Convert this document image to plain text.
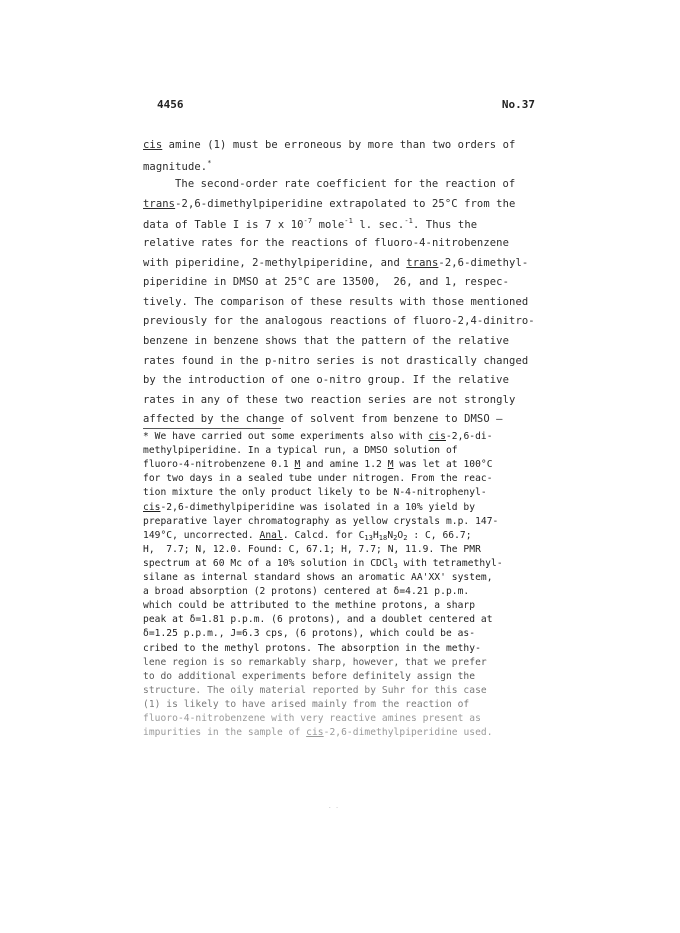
4456	No.37
cis amine (1) must be erroneous by more than two orders of
magnitude.*
The second-order rate coefficient for the reaction of
trans-2,6-dimethylpiperidine extrapolated to 25°C from the
data of Table I is 7 x $10^{-7}$ mole$^{-1}$ l. sec.$^{-1}$. Thus the
relative rates for the reactions of fluoro-4-nitrobenzene
with piperidine, 2-methylpiperidine, and trans-2,6-dimethyl-
piperidine in DMSO at 25°C are 13500,  26, and 1, respec-
tively. The comparison of these results with those mentioned
previously for the analogous reactions of fluoro-2,4-dinitro-
benzene in benzene shows that the pattern of the relative
rates found in the p-nitro series is not drastically changed
by the introduction of one o-nitro group. If the relative
rates in any of these two reaction series are not strongly
affected by the change of solvent from benzene to DMSO —
* We have carried out some experiments also with cis-2,6-di-
methylpiperidine. In a typical run, a DMSO solution of
fluoro-4-nitrobenzene 0.1 M and amine 1.2 M was let at 100°C
for two days in a sealed tube under nitrogen. From the reac-
tion mixture the only product likely to be N-4-nitrophenyl-
cis-2,6-dimethylpiperidine was isolated in a 10% yield by
preparative layer chromatography as yellow crystals m.p. 147-
149°C, uncorrected. Anal. Calcd. for $C_{13}H_{18}N_2O_2$ : C, 66.7;
H,  7.7; N, 12.0. Found: C, 67.1; H, 7.7; N, 11.9. The PMR
spectrum at 60 Mc of a 10% solution in CDCl$_3$ with tetramethyl-
silane as internal standard shows an aromatic AA'XX' system,
a broad absorption (2 protons) centered at δ=4.21 p.p.m.
which could be attributed to the methine protons, a sharp
peak at δ=1.81 p.p.m. (6 protons), and a doublet centered at
δ=1.25 p.p.m., J=6.3 cps, (6 protons), which could be as-
cribed to the methyl protons. The absorption in the methy-
lene region is so remarkably sharp, however, that we prefer
to do additional experiments before definitely assign the
structure. The oily material reported by Suhr for this case
(1) is likely to have arised mainly from the reaction of
fluoro-4-nitrobenzene with very reactive amines present as
impurities in the sample of cis-2,6-dimethylpiperidine used.
. .
